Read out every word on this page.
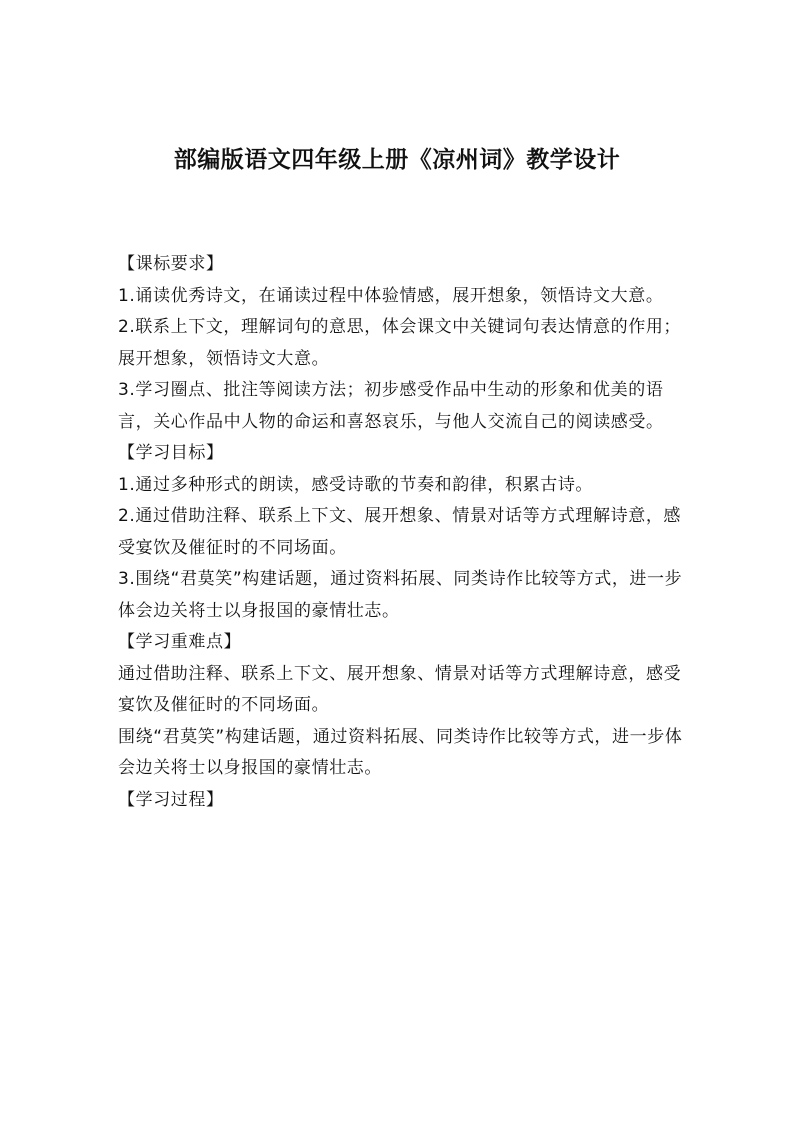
部编版语文四年级上册《凉州词》教学设计

【课标要求】

1.诵读优秀诗文，在诵读过程中体验情感，展开想象，领悟诗文大意。

2.联系上下文，理解词句的意思，体会课文中关键词句表达情意的作用；展开想象，领悟诗文大意。

3.学习圈点、批注等阅读方法；初步感受作品中生动的形象和优美的语言，关心作品中人物的命运和喜怒哀乐，与他人交流自己的阅读感受。

【学习目标】

1.通过多种形式的朗读，感受诗歌的节奏和韵律，积累古诗。

2.通过借助注释、联系上下文、展开想象、情景对话等方式理解诗意，感受宴饮及催征时的不同场面。

3.围绕“君莫笑”构建话题，通过资料拓展、同类诗作比较等方式，进一步体会边关将士以身报国的豪情壮志。

【学习重难点】

通过借助注释、联系上下文、展开想象、情景对话等方式理解诗意，感受宴饮及催征时的不同场面。

围绕“君莫笑”构建话题，通过资料拓展、同类诗作比较等方式，进一步体会边关将士以身报国的豪情壮志。

【学习过程】
